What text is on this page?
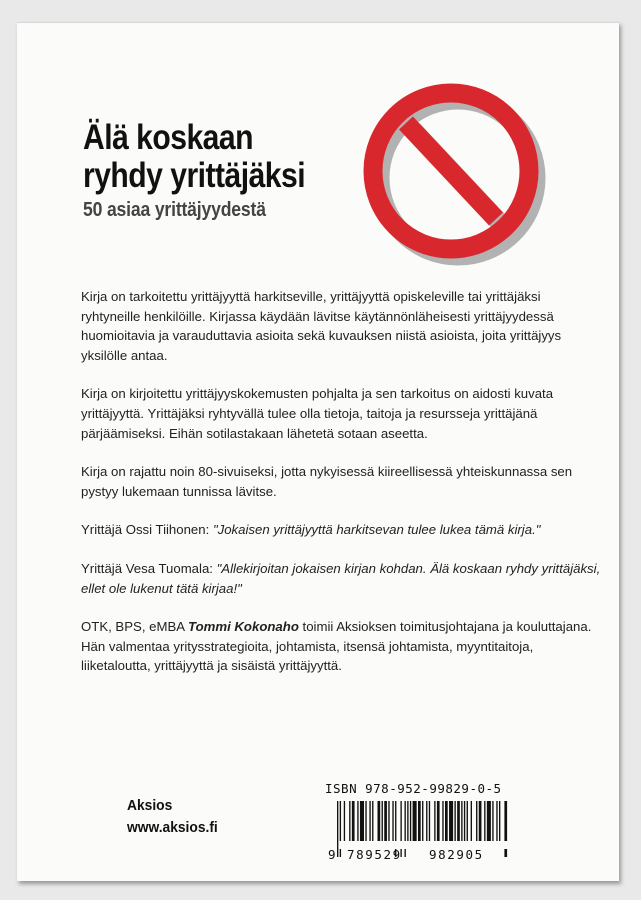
Älä koskaan
ryhdy yrittäjäksi
50 asiaa yrittäjyydestä

Kirja on tarkoitettu yrittäjyyttä harkitseville, yrittäjyyttä opiskeleville tai yrittäjäksi ryhtyneille henkilöille. Kirjassa käydään lävitse käytännönläheisesti yrittäjyydessä huomioitavia ja varauduttavia asioita sekä kuvauksen niistä asioista, joita yrittäjyys yksilölle antaa.

Kirja on kirjoitettu yrittäjyyskokemusten pohjalta ja sen tarkoitus on aidosti kuvata yrittäjyyttä. Yrittäjäksi ryhtyvällä tulee olla tietoja, taitoja ja resursseja yrittäjänä pärjäämiseksi. Eihän sotilastakaan lähetetä sotaan aseetta.

Kirja on rajattu noin 80-sivuiseksi, jotta nykyisessä kiireellisessä yhteiskunnassa sen pystyy lukemaan tunnissa lävitse.

Yrittäjä Ossi Tiihonen: "Jokaisen yrittäjyyttä harkitsevan tulee lukea tämä kirja."

Yrittäjä Vesa Tuomala: "Allekirjoitan jokaisen kirjan kohdan. Älä koskaan ryhdy yrittäjäksi, ellet ole lukenut tätä kirjaa!"

OTK, BPS, eMBA Tommi Kokonaho toimii Aksioksen toimitusjohtajana ja kouluttajana. Hän valmentaa yritysstrategioita, johtamista, itsensä johtamista, myyntitaitoja, liiketaloutta, yrittäjyyttä ja sisäistä yrittäjyyttä.

Aksios
www.aksios.fi
ISBN 978-952-99829-0-5
9 789529 982905
